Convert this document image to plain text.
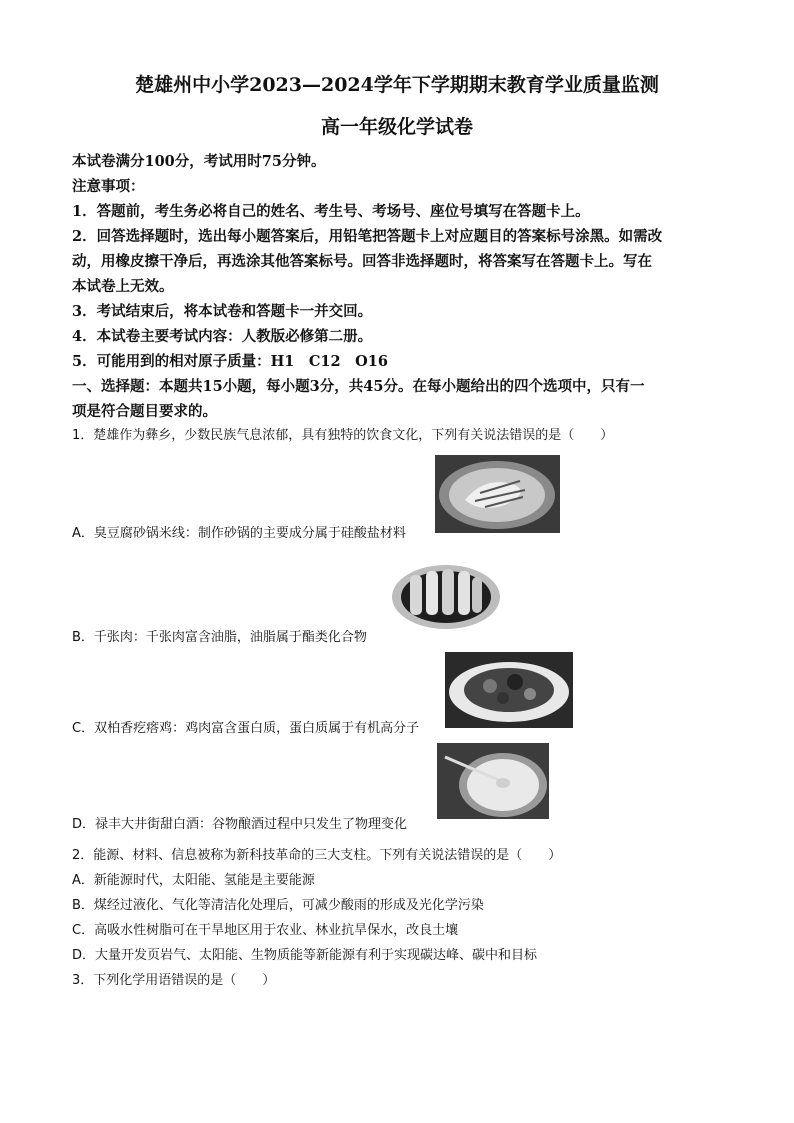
楚雄州中小学2023—2024学年下学期期末教育学业质量监测
高一年级化学试卷
本试卷满分100分，考试用时75分钟。
注意事项：
1．答题前，考生务必将自己的姓名、考生号、考场号、座位号填写在答题卡上。
2．回答选择题时，选出每小题答案后，用铅笔把答题卡上对应题目的答案标号涂黑。如需改
动，用橡皮擦干净后，再选涂其他答案标号。回答非选择题时，将答案写在答题卡上。写在
本试卷上无效。
3．考试结束后，将本试卷和答题卡一并交回。
4．本试卷主要考试内容：人教版必修第二册。
5．可能用到的相对原子质量：H1　C12　O16
一、选择题：本题共15小题，每小题3分，共45分。在每小题给出的四个选项中，只有一
项是符合题目要求的。
1．楚雄作为彝乡，少数民族气息浓郁，具有独特的饮食文化，下列有关说法错误的是（　　）
A．臭豆腐砂锅米线：制作砂锅的主要成分属于硅酸盐材料
B．千张肉：千张肉富含油脂，油脂属于酯类化合物
C．双柏香疙瘩鸡：鸡肉富含蛋白质，蛋白质属于有机高分子
D．禄丰大井街甜白酒：谷物酿酒过程中只发生了物理变化
2．能源、材料、信息被称为新科技革命的三大支柱。下列有关说法错误的是（　　）
A．新能源时代，太阳能、氢能是主要能源
B．煤经过液化、气化等清洁化处理后，可减少酸雨的形成及光化学污染
C．高吸水性树脂可在干旱地区用于农业、林业抗旱保水，改良土壤
D．大量开发页岩气、太阳能、生物质能等新能源有利于实现碳达峰、碳中和目标
3．下列化学用语错误的是（　　）
